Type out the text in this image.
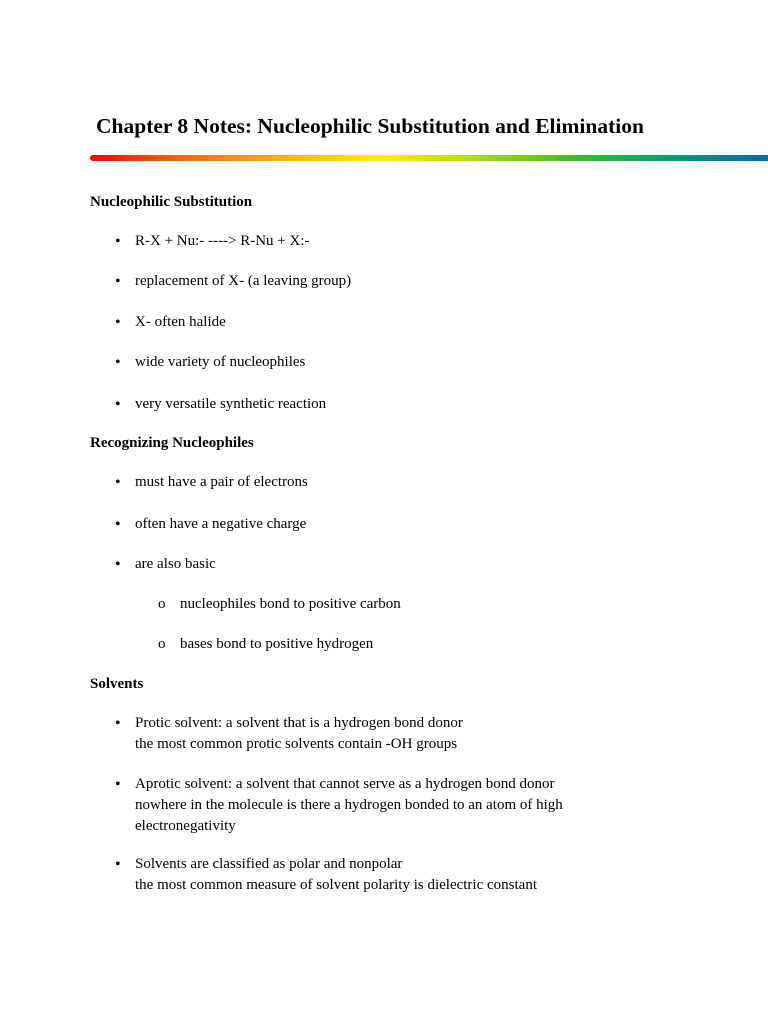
Chapter 8 Notes: Nucleophilic Substitution and Elimination
Nucleophilic Substitution
• R-X + Nu:- ----> R-Nu + X:-
• replacement of X- (a leaving group)
• X- often halide
• wide variety of nucleophiles
• very versatile synthetic reaction
Recognizing Nucleophiles
• must have a pair of electrons
• often have a negative charge
• are also basic
o nucleophiles bond to positive carbon
o bases bond to positive hydrogen
Solvents
• Protic solvent: a solvent that is a hydrogen bond donor
the most common protic solvents contain -OH groups
• Aprotic solvent: a solvent that cannot serve as a hydrogen bond donor
nowhere in the molecule is there a hydrogen bonded to an atom of high
electronegativity
• Solvents are classified as polar and nonpolar
the most common measure of solvent polarity is dielectric constant
